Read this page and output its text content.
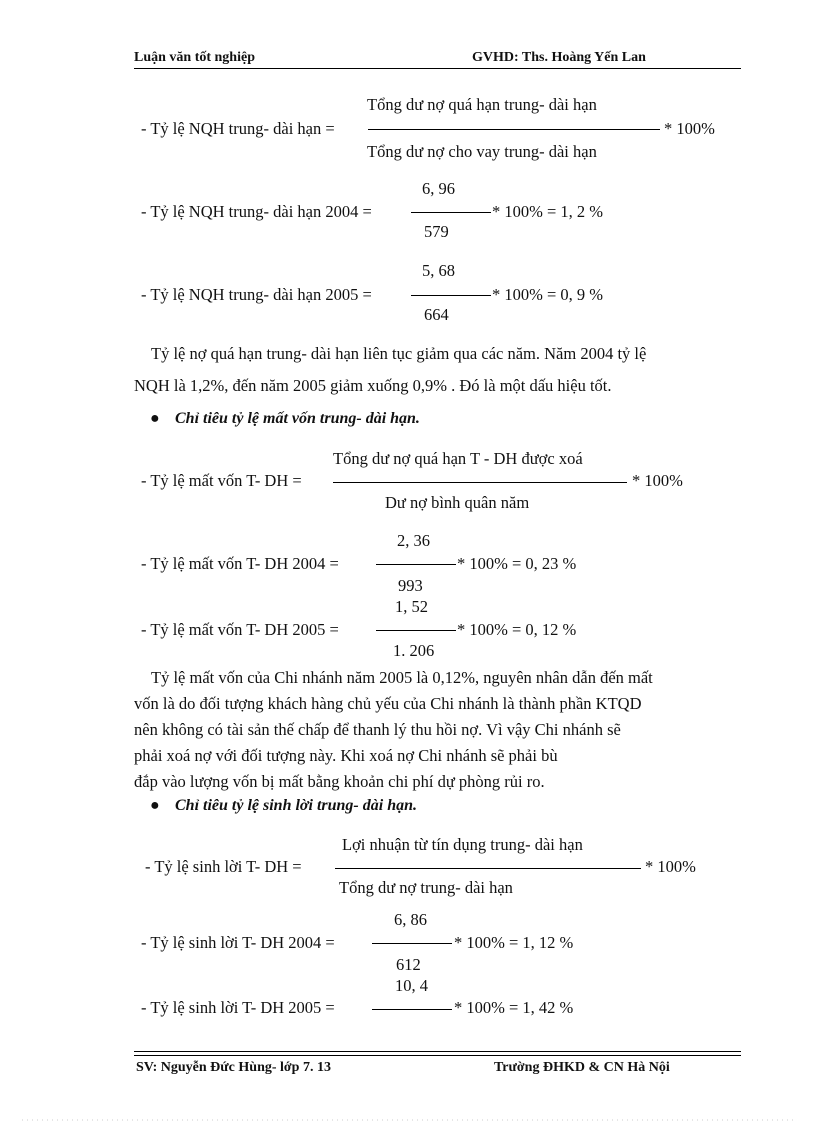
Luận văn tốt nghiệp	GVHD: Ths. Hoàng Yến Lan
- Tỷ lệ NQH trung- dài hạn =
Tổng dư nợ quá hạn trung- dài hạn
* 100%
Tổng dư nợ cho vay trung- dài hạn
6, 96
- Tỷ lệ NQH trung- dài hạn 2004 =	* 100% = 1, 2 %
579
5, 68
- Tỷ lệ NQH trung- dài hạn 2005 =	* 100% = 0, 9 %
664
Tỷ lệ nợ quá hạn trung- dài hạn liên tục giảm qua các năm. Năm 2004 tỷ lệ
NQH là 1,2%, đến năm 2005 giảm xuống 0,9% . Đó là một dấu hiệu tốt.
● Chỉ tiêu tỷ lệ mất vốn trung- dài hạn.
Tổng dư nợ quá hạn T - DH được xoá
- Tỷ lệ mất vốn T- DH =	* 100%
Dư nợ bình quân năm
2, 36
- Tỷ lệ mất vốn T- DH 2004 =	* 100% = 0, 23 %
993
1, 52
- Tỷ lệ mất vốn T- DH 2005 =	* 100% = 0, 12 %
1. 206
Tỷ lệ mất vốn của Chi nhánh năm 2005 là 0,12%, nguyên nhân dẫn đến mất
vốn là do đối tượng khách hàng chủ yếu của Chi nhánh là thành phần KTQD
nên không có tài sản thế chấp để thanh lý thu hồi nợ. Vì vậy Chi nhánh sẽ
phải xoá nợ với đối tượng này. Khi xoá nợ Chi nhánh sẽ phải bù
đắp vào lượng vốn bị mất bằng khoản chi phí dự phòng rủi ro.
● Chỉ tiêu tỷ lệ sinh lời trung- dài hạn.
Lợi nhuận từ tín dụng trung- dài hạn
- Tỷ lệ sinh lời T- DH =	* 100%
Tổng dư nợ trung- dài hạn
6, 86
- Tỷ lệ sinh lời T- DH 2004 =	* 100% = 1, 12 %
612
10, 4
- Tỷ lệ sinh lời T- DH 2005 =	* 100% = 1, 42 %
SV: Nguyễn Đức Hùng- lớp 7. 13	Trường ĐHKD & CN Hà Nội
